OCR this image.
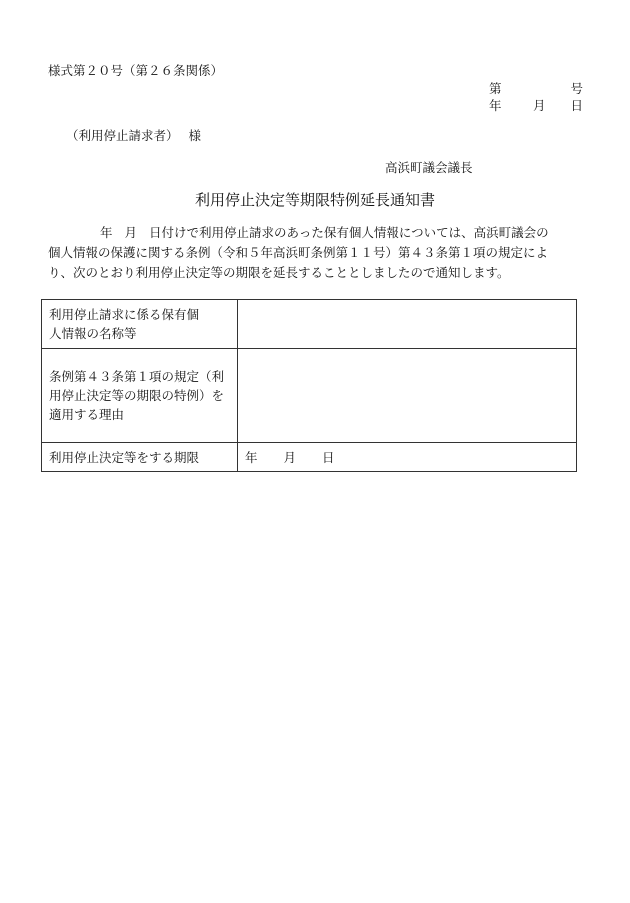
様式第２０号（第２６条関係）
第	号
年	月 日
（利用停止請求者） 様
高浜町議会議長
利用停止決定等期限特例延長通知書
年 月 日付けで利用停止請求のあった保有個人情報については、高浜町議会の
個人情報の保護に関する条例（令和５年高浜町条例第１１号）第４３条第１項の規定によ
り、次のとおり利用停止決定等の期限を延長することとしましたので通知します。
利用停止請求に係る保有個
人情報の名称等	

条例第４３条第１項の規定（利
用停止決定等の期限の特例）を
適用する理由	

利用停止決定等をする期限	年 月 日
